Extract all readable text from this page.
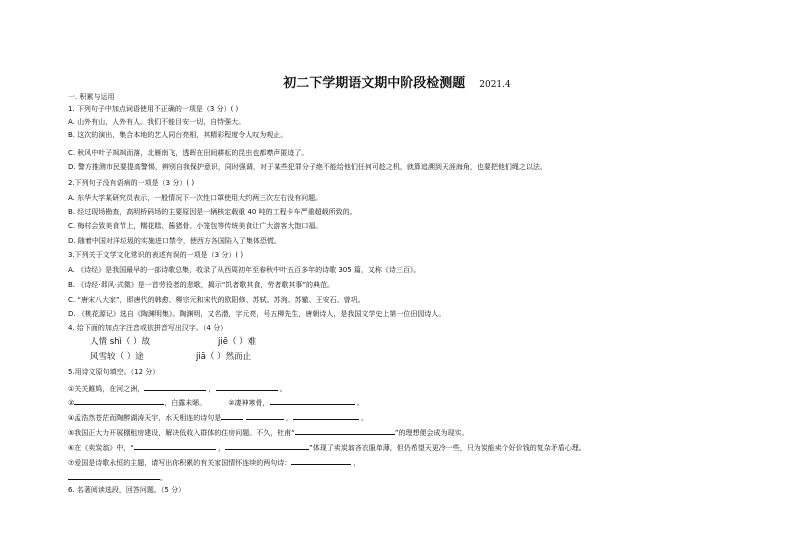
初二下学期语文期中阶段检测题 2021.4
一. 积累与运用
1. 下列句子中加点词语使用不正确的一项是（3 分）( )
A. 山外有山，人外有人。我们不能目安一切，自恃强大。
B. 这次的演出，集合本地的艺人同台亮相，其精彩程度令人叹为观止。
C. 秋风中叶子飒飒而落，北雁南飞，透晖在田间耕耘的昆虫也都噤声匿迹了。
D. 警方推测市民要提高警惕，辨别自我保护意识，同时强调，对于某些犯罪分子绝不能给他们任何可趁之机，就算追溯到天涯海角，也要把他们绳之以法。
2.下列句子没有语病的一项是（3 分）( )
A. 东华大学某研究员表示，一般情况下一次性口罩使用大约两三次左右没有问题。
B. 经过现场勘查，高明桥码场的主要原因是一辆核定载重 40 吨的工程卡车严重超载所致的。
C. 梅村会致美食节上，糯花糕、酱猪骨、小笼包等传统美食让广大游客大饱口福。
D. 随着中国对洋垃圾的实施进口禁令，使西方各国陷入了集体恐慌。
3.下列关于文学文化常识的表述有误的一项是（3 分）( )
A. 《诗经》是我国最早的一部诗歌总集，收录了从西周初年至春秋中叶五百多年的诗歌 305 篇，又称《诗三百》。
B. 《诗经·邶风·式微》是一首劳役者的悲歌，揭示“饥者歌其食，劳者歌其事”的典范。
C. “唐宋八大家”，即唐代的韩愈、柳宗元和宋代的欧阳修、苏轼、苏洵、苏辙、王安石、曾巩。
D. 《桃花源记》选自《陶渊明集》。陶渊明，又名潜，字元亮，号五柳先生，唐朝诗人，是我国文学史上第一位田园诗人。
4. 给下面的加点字注音或依拼音写出汉字。（4 分）
人情 shì（ ）故	jiē（ ）难
风雪较（ ）途	jiā（ ）然而止
5.用诗文原句填空。（12 分）
①关关雎鸠，在河之洲，	，	。
②	，白露未晞。	②凄神寒骨，	。
④孟浩然苍茫而陶醉湖涛天宇，水天相连的诗句是	，	。
⑤我国正大力开展棚租房建设，解决低收入群体的住房问题。不久，杜甫“	”的理想便会成为现实。
⑥在《卖炭翁》中，“	，	”体现了卖炭翁吝衣服单薄，但仍希望天更冷一些，只为炭能卖个好价钱的复杂矛盾心理。
⑦爱国是诗歌永恒的主题，请写出你积累的有关家国情怀连续的两句诗：	，
。
6. 名著阅读选段，回答问题。（5 分）
